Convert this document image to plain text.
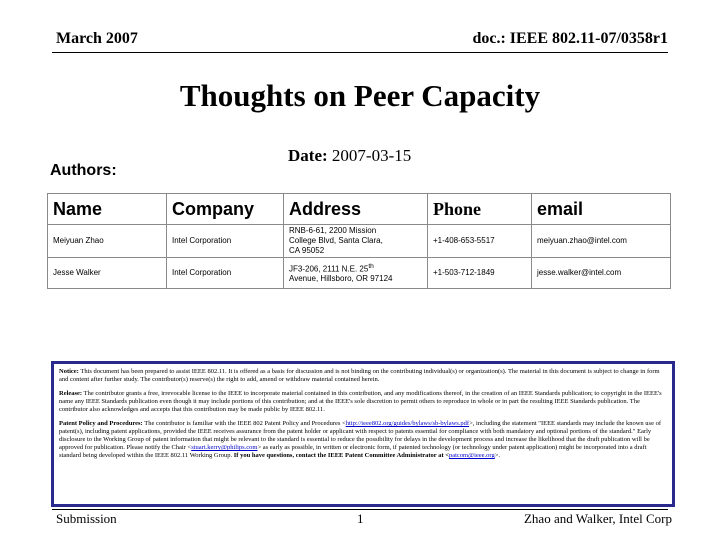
March 2007	doc.: IEEE 802.11-07/0358r1
Thoughts on Peer Capacity
Date: 2007-03-15
Authors:
Name	Company	Address	Phone	email
Meiyuan Zhao	Intel Corporation	RNB-6-61, 2200 Mission
College Blvd, Santa Clara,
CA 95052	+1-408-653-5517	meiyuan.zhao@intel.com
Jesse Walker	Intel Corporation	JF3-206, 2111 N.E. 25th
Avenue, Hillsboro, OR 97124	+1-503-712-1849	jesse.walker@intel.com

Notice: This document has been prepared to assist IEEE 802.11. It is offered as a basis for discussion and is not binding on the contributing individual(s) or organization(s). The material in this document is subject to change in form and content after further study. The contributor(s) reserve(s) the right to add, amend or withdraw material contained herein.

Release: The contributor grants a free, irrevocable license to the IEEE to incorporate material contained in this contribution, and any modifications thereof, in the creation of an IEEE Standards publication; to copyright in the IEEE's name any IEEE Standards publication even though it may include portions of this contribution; and at the IEEE's sole discretion to permit others to reproduce in whole or in part the resulting IEEE Standards publication. The contributor also acknowledges and accepts that this contribution may be made public by IEEE 802.11.

Patent Policy and Procedures: The contributor is familiar with the IEEE 802 Patent Policy and Procedures <http://ieee802.org/guides/bylaws/sb-bylaws.pdf>, including the statement "IEEE standards may include the known use of patent(s), including patent applications, provided the IEEE receives assurance from the patent holder or applicant with respect to patents essential for compliance with both mandatory and optional portions of the standard." Early disclosure to the Working Group of patent information that might be relevant to the standard is essential to reduce the possibility for delays in the development process and increase the likelihood that the draft publication will be approved for publication. Please notify the Chair <stuart.kerry@philips.com> as early as possible, in written or electronic form, if patented technology (or technology under patent application) might be incorporated into a draft standard being developed within the IEEE 802.11 Working Group. If you have questions, contact the IEEE Patent Committee Administrator at <patcom@ieee.org>.

Submission	1	Zhao and Walker, Intel Corp
